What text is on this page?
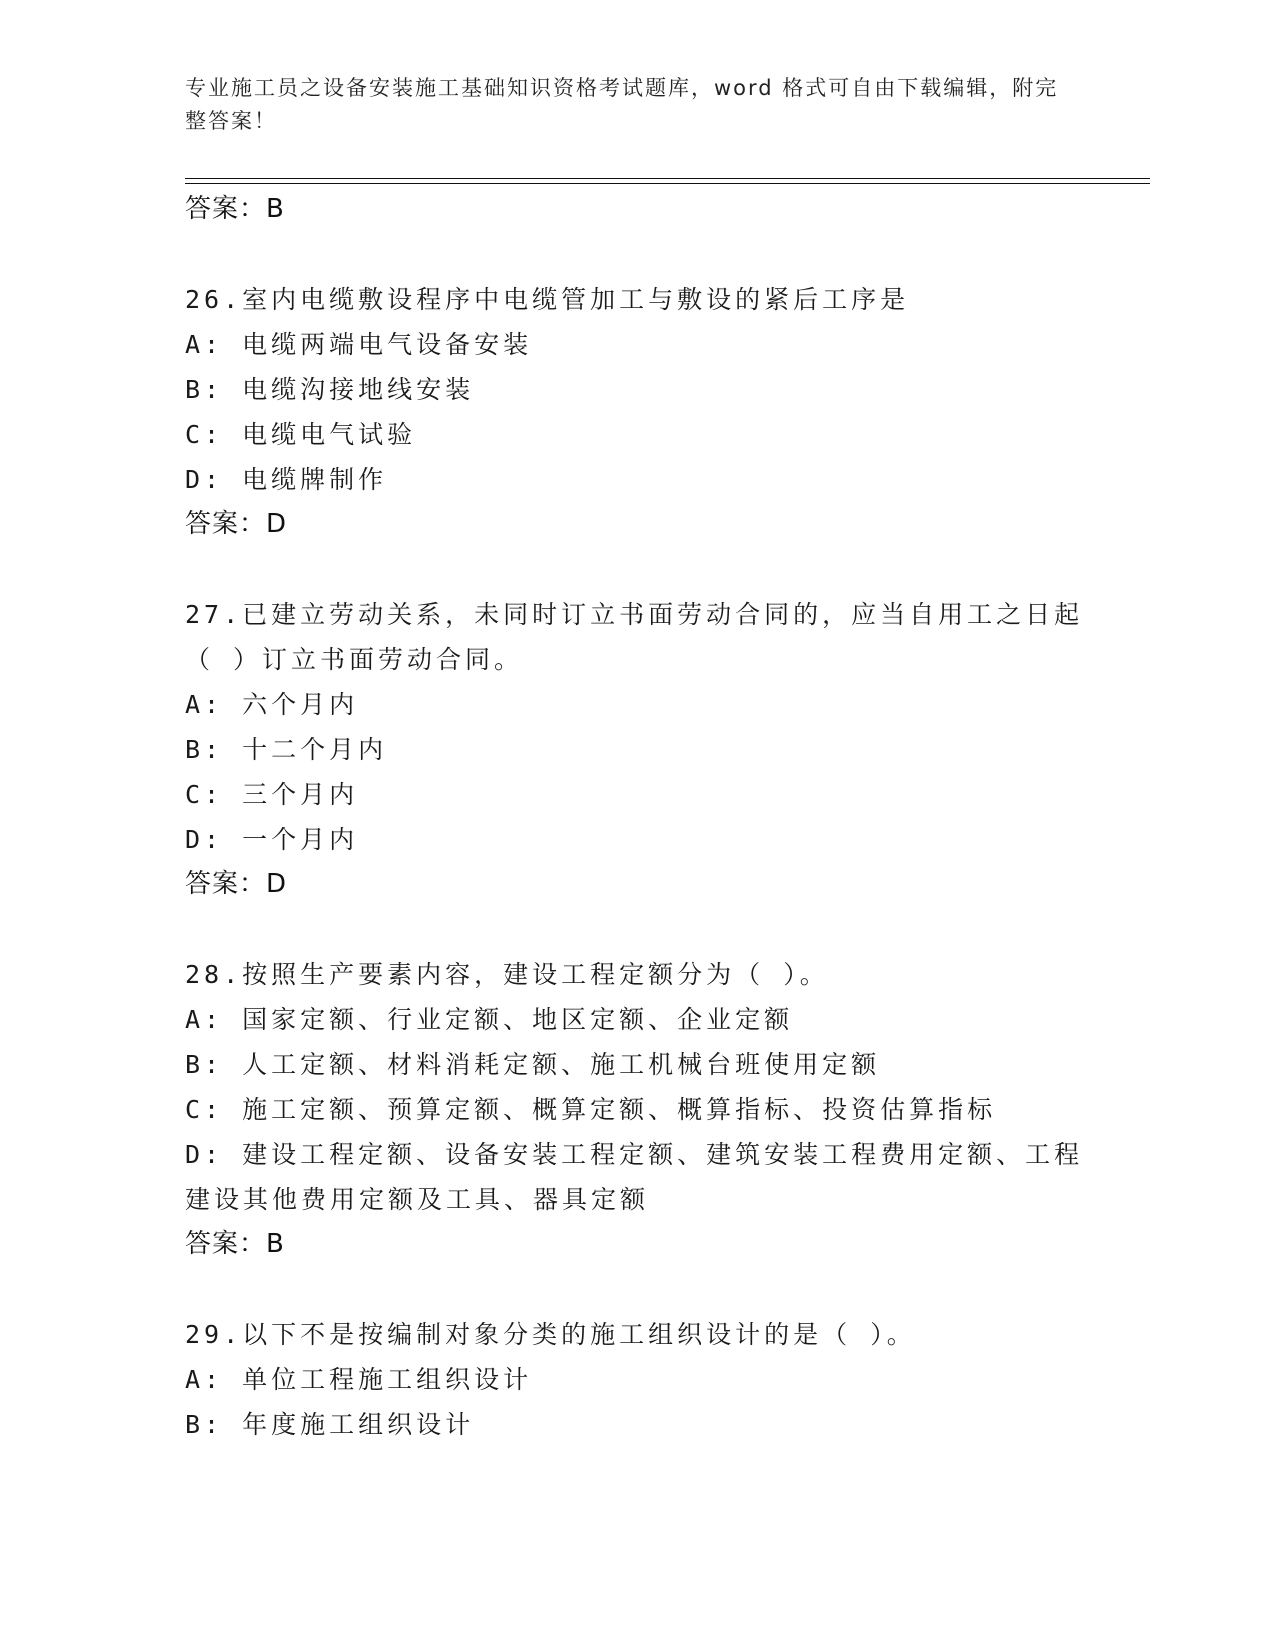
专业施工员之设备安装施工基础知识资格考试题库，word 格式可自由下载编辑，附完整答案！
答案：B
26.室内电缆敷设程序中电缆管加工与敷设的紧后工序是
A: 电缆两端电气设备安装
B: 电缆沟接地线安装
C: 电缆电气试验
D: 电缆牌制作
答案：D
27.已建立劳动关系，未同时订立书面劳动合同的，应当自用工之日起（ ）订立书面劳动合同。
A: 六个月内
B: 十二个月内
C: 三个月内
D: 一个月内
答案：D
28.按照生产要素内容，建设工程定额分为（ ）。
A: 国家定额、行业定额、地区定额、企业定额
B: 人工定额、材料消耗定额、施工机械台班使用定额
C: 施工定额、预算定额、概算定额、概算指标、投资估算指标
D: 建设工程定额、设备安装工程定额、建筑安装工程费用定额、工程建设其他费用定额及工具、器具定额
答案：B
29.以下不是按编制对象分类的施工组织设计的是（ ）。
A: 单位工程施工组织设计
B: 年度施工组织设计
